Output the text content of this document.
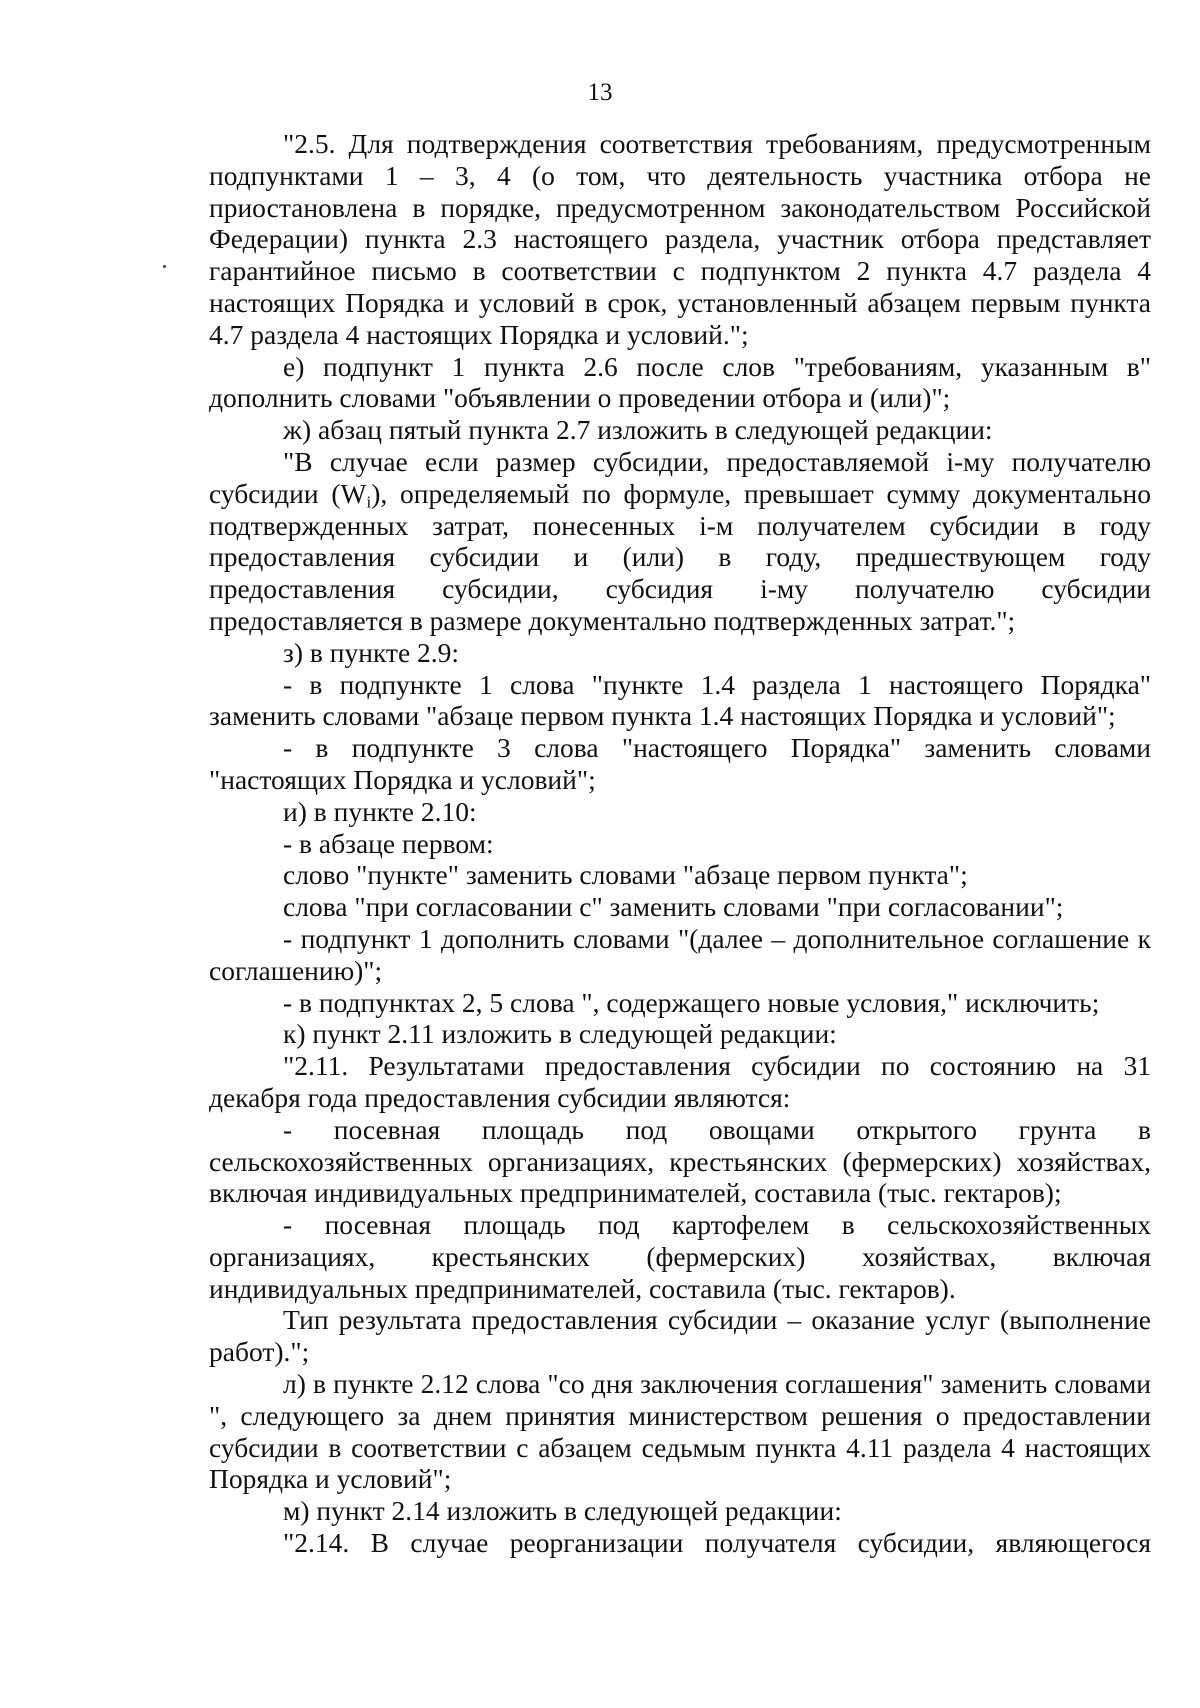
13

"2.5. Для подтверждения соответствия требованиям, предусмотренным подпунктами 1 – 3, 4 (о том, что деятельность участника отбора не приостановлена в порядке, предусмотренном законодательством Российской Федерации) пункта 2.3 настоящего раздела, участник отбора представляет гарантийное письмо в соответствии с подпунктом 2 пункта 4.7 раздела 4 настоящих Порядка и условий в срок, установленный абзацем первым пункта 4.7 раздела 4 настоящих Порядка и условий.";

е) подпункт 1 пункта 2.6 после слов "требованиям, указанным в" дополнить словами "объявлении о проведении отбора и (или)";

ж) абзац пятый пункта 2.7 изложить в следующей редакции:

"В случае если размер субсидии, предоставляемой i-му получателю субсидии $(W_i)$, определяемый по формуле, превышает сумму документально подтвержденных затрат, понесенных i-м получателем субсидии в году предоставления субсидии и (или) в году, предшествующем году предоставления субсидии, субсидия i-му получателю субсидии предоставляется в размере документально подтвержденных затрат.";

з) в пункте 2.9:

- в подпункте 1 слова "пункте 1.4 раздела 1 настоящего Порядка" заменить словами "абзаце первом пункта 1.4 настоящих Порядка и условий";

- в подпункте 3 слова "настоящего Порядка" заменить словами "настоящих Порядка и условий";

и) в пункте 2.10:

- в абзаце первом:

слово "пункте" заменить словами "абзаце первом пункта";

слова "при согласовании с" заменить словами "при согласовании";

- подпункт 1 дополнить словами "(далее – дополнительное соглашение к соглашению)";

- в подпунктах 2, 5 слова ", содержащего новые условия," исключить;

к) пункт 2.11 изложить в следующей редакции:

"2.11. Результатами предоставления субсидии по состоянию на 31 декабря года предоставления субсидии являются:

- посевная площадь под овощами открытого грунта в сельскохозяйственных организациях, крестьянских (фермерских) хозяйствах, включая индивидуальных предпринимателей, составила (тыс. гектаров);

- посевная площадь под картофелем в сельскохозяйственных организациях, крестьянских (фермерских) хозяйствах, включая индивидуальных предпринимателей, составила (тыс. гектаров).

Тип результата предоставления субсидии – оказание услуг (выполнение работ).";

л) в пункте 2.12 слова "со дня заключения соглашения" заменить словами ", следующего за днем принятия министерством решения о предоставлении субсидии в соответствии с абзацем седьмым пункта 4.11 раздела 4 настоящих Порядка и условий";

м) пункт 2.14 изложить в следующей редакции:

"2.14. В случае реорганизации получателя субсидии, являющегося
